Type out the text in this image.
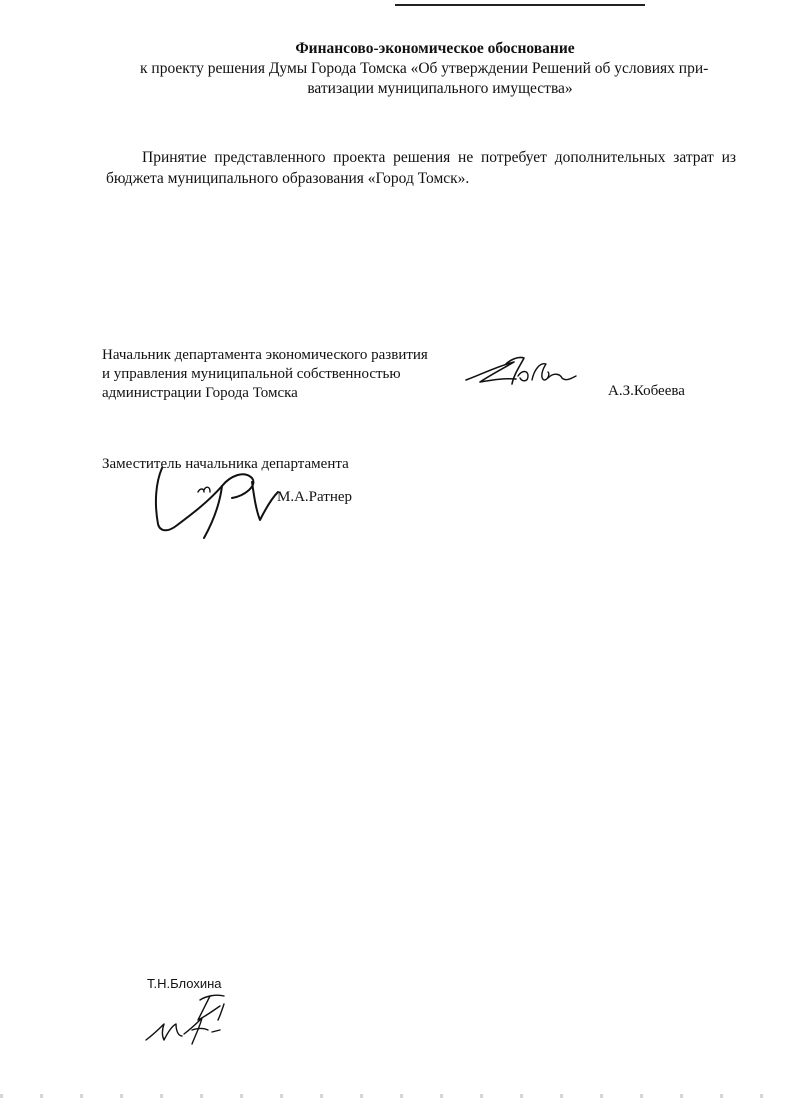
Финансово-экономическое обоснование
к проекту решения Думы Города Томска «Об утверждении Решений об условиях при-
ватизации муниципального имущества»
Принятие представленного проекта решения не потребует дополнительных затрат из бюджета муниципального образования «Город Томск».
Начальник департамента экономического развития
и управления муниципальной собственностью
администрации Города Томска	А.З.Кобеева
Заместитель начальника департамента
М.А.Ратнер
Т.Н.Блохина
